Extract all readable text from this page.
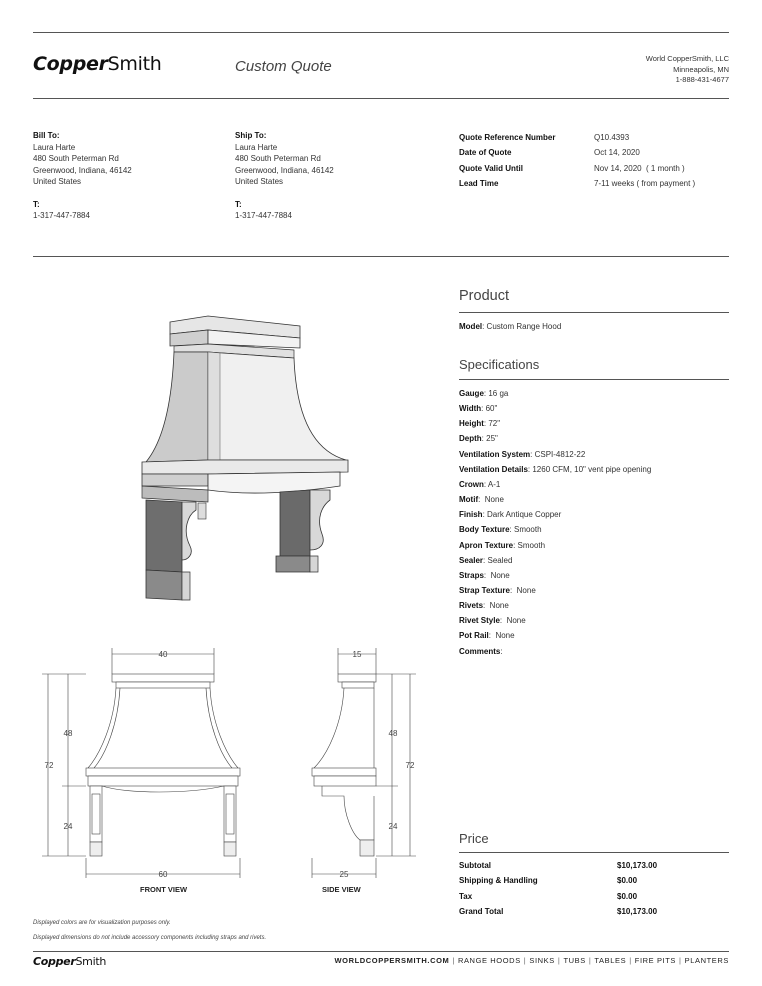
CopperSmith	Custom Quote	World CopperSmith, LLC
Minneapolis, MN
1-888-431-4677
Bill To:
Laura Harte
480 South Peterman Rd
Greenwood, Indiana, 46142
United States
T:
1-317-447-7884
Ship To:
Laura Harte
480 South Peterman Rd
Greenwood, Indiana, 46142
United States
T:
1-317-447-7884
Quote Reference Number	Q10.4393
Date of Quote	Oct 14, 2020
Quote Valid Until	Nov 14, 2020  ( 1 month )
Lead Time	7-11 weeks ( from payment )
40
60
72
48
24
FRONT VIEW
15
25
72
48
24
SIDE VIEW
Product
Model: Custom Range Hood
Specifications
Gauge: 16 ga
Width: 60"
Height: 72"
Depth: 25"
Ventilation System: CSPI-4812-22
Ventilation Details: 1260 CFM, 10" vent pipe opening
Crown: A-1
Motif:  None
Finish: Dark Antique Copper
Body Texture: Smooth
Apron Texture: Smooth
Sealer: Sealed
Straps:  None
Strap Texture:  None
Rivets:  None
Rivet Style:  None
Pot Rail:  None
Comments:
Price
Subtotal	$10,173.00
Shipping & Handling	$0.00
Tax	$0.00
Grand Total	$10,173.00
Displayed colors are for visualization purposes only.
Displayed dimensions do not include accessory components including straps and rivets.
CopperSmith	WORLDCOPPERSMITH.COM | RANGE HOODS | SINKS | TUBS | TABLES | FIRE PITS | PLANTERS
